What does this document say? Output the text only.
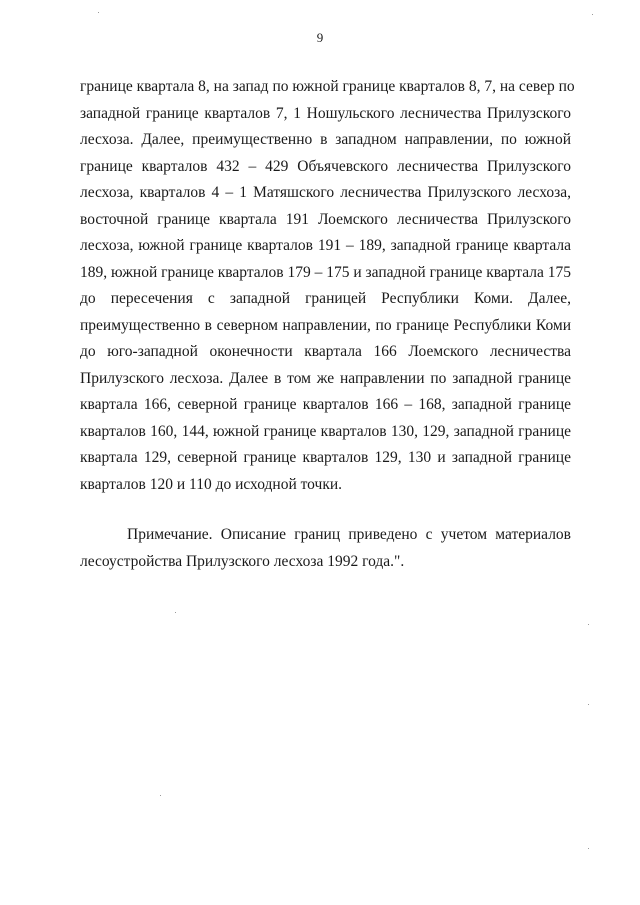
9
границе квартала 8, на запад по южной границе кварталов 8, 7, на север по
западной границе кварталов 7, 1 Ношульского лесничества Прилузского
лесхоза. Далее, преимущественно в западном направлении, по южной
границе кварталов 432 – 429 Объячевского лесничества Прилузского
лесхоза, кварталов 4 – 1 Матяшского лесничества Прилузского лесхоза,
восточной границе квартала 191 Лоемского лесничества Прилузского
лесхоза, южной границе кварталов 191 – 189, западной границе квартала
189, южной границе кварталов 179 – 175 и западной границе квартала 175
до пересечения с западной границей Республики Коми. Далее,
преимущественно в северном направлении, по границе Республики Коми
до юго-западной оконечности квартала 166 Лоемского лесничества
Прилузского лесхоза. Далее в том же направлении по западной границе
квартала 166, северной границе кварталов 166 – 168, западной границе
кварталов 160, 144, южной границе кварталов 130, 129, западной границе
квартала 129, северной границе кварталов 129, 130 и западной границе
кварталов 120 и 110 до исходной точки.
Примечание. Описание границ приведено с учетом материалов
лесоустройства Прилузского лесхоза 1992 года.".
